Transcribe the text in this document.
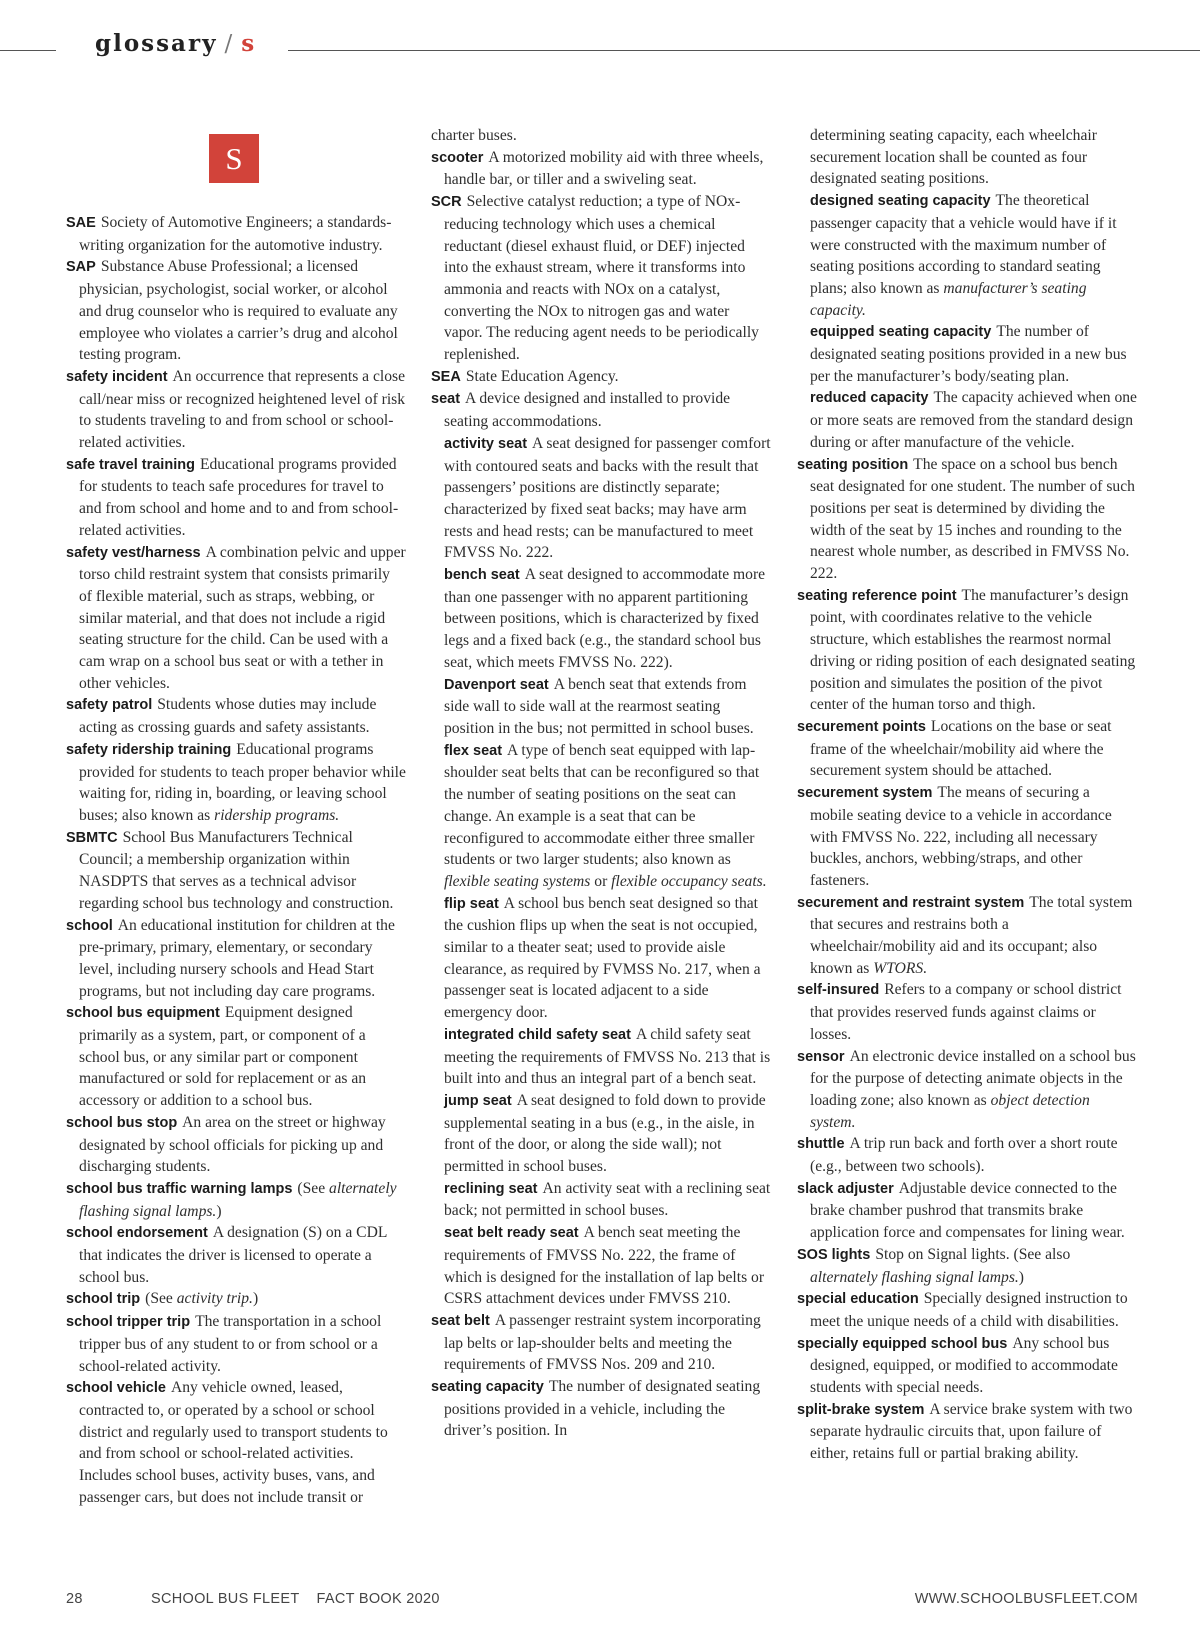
glossary / s
S
SAE Society of Automotive Engineers; a standards-writing organization for the automotive industry.
SAP Substance Abuse Professional; a licensed physician, psychologist, social worker, or alcohol and drug counselor who is required to evaluate any employee who violates a carrier’s drug and alcohol testing program.
safety incident An occurrence that represents a close call/near miss or recognized heightened level of risk to students traveling to and from school or school-related activities.
safe travel training Educational programs provided for students to teach safe procedures for travel to and from school and home and to and from school-related activities.
safety vest/harness A combination pelvic and upper torso child restraint system that consists primarily of flexible material, such as straps, webbing, or similar material, and that does not include a rigid seating structure for the child. Can be used with a cam wrap on a school bus seat or with a tether in other vehicles.
safety patrol Students whose duties may include acting as crossing guards and safety assistants.
safety ridership training Educational programs provided for students to teach proper behavior while waiting for, riding in, boarding, or leaving school buses; also known as ridership programs.
SBMTC School Bus Manufacturers Technical Council; a membership organization within NASDPTS that serves as a technical advisor regarding school bus technology and construction.
school An educational institution for children at the pre-primary, primary, elementary, or secondary level, including nursery schools and Head Start programs, but not including day care programs.
school bus equipment Equipment designed primarily as a system, part, or component of a school bus, or any similar part or component manufactured or sold for replacement or as an accessory or addition to a school bus.
school bus stop An area on the street or highway designated by school officials for picking up and discharging students.
school bus traffic warning lamps (See alternately flashing signal lamps.)
school endorsement A designation (S) on a CDL that indicates the driver is licensed to operate a school bus.
school trip (See activity trip.)
school tripper trip The transportation in a school tripper bus of any student to or from school or a school-related activity.
school vehicle Any vehicle owned, leased, contracted to, or operated by a school or school district and regularly used to transport students to and from school or school-related activities. Includes school buses, activity buses, vans, and passenger cars, but does not include transit or
charter buses.
scooter A motorized mobility aid with three wheels, handle bar, or tiller and a swiveling seat.
SCR Selective catalyst reduction; a type of NOx-reducing technology which uses a chemical reductant (diesel exhaust fluid, or DEF) injected into the exhaust stream, where it transforms into ammonia and reacts with NOx on a catalyst, converting the NOx to nitrogen gas and water vapor. The reducing agent needs to be periodically replenished.
SEA State Education Agency.
seat A device designed and installed to provide seating accommodations.
activity seat A seat designed for passenger comfort with contoured seats and backs with the result that passengers’ positions are distinctly separate; characterized by fixed seat backs; may have arm rests and head rests; can be manufactured to meet FMVSS No. 222.
bench seat A seat designed to accommodate more than one passenger with no apparent partitioning between positions, which is characterized by fixed legs and a fixed back (e.g., the standard school bus seat, which meets FMVSS No. 222).
Davenport seat A bench seat that extends from side wall to side wall at the rearmost seating position in the bus; not permitted in school buses.
flex seat A type of bench seat equipped with lap-shoulder seat belts that can be reconfigured so that the number of seating positions on the seat can change. An example is a seat that can be reconfigured to accommodate either three smaller students or two larger students; also known as flexible seating systems or flexible occupancy seats.
flip seat A school bus bench seat designed so that the cushion flips up when the seat is not occupied, similar to a theater seat; used to provide aisle clearance, as required by FVMSS No. 217, when a passenger seat is located adjacent to a side emergency door.
integrated child safety seat A child safety seat meeting the requirements of FMVSS No. 213 that is built into and thus an integral part of a bench seat.
jump seat A seat designed to fold down to provide supplemental seating in a bus (e.g., in the aisle, in front of the door, or along the side wall); not permitted in school buses.
reclining seat An activity seat with a reclining seat back; not permitted in school buses.
seat belt ready seat A bench seat meeting the requirements of FMVSS No. 222, the frame of which is designed for the installation of lap belts or CSRS attachment devices under FMVSS 210.
seat belt A passenger restraint system incorporating lap belts or lap-shoulder belts and meeting the requirements of FMVSS Nos. 209 and 210.
seating capacity The number of designated seating positions provided in a vehicle, including the driver’s position. In
determining seating capacity, each wheelchair securement location shall be counted as four designated seating positions.
designed seating capacity The theoretical passenger capacity that a vehicle would have if it were constructed with the maximum number of seating positions according to standard seating plans; also known as manufacturer’s seating capacity.
equipped seating capacity The number of designated seating positions provided in a new bus per the manufacturer’s body/seating plan.
reduced capacity The capacity achieved when one or more seats are removed from the standard design during or after manufacture of the vehicle.
seating position The space on a school bus bench seat designated for one student. The number of such positions per seat is determined by dividing the width of the seat by 15 inches and rounding to the nearest whole number, as described in FMVSS No. 222.
seating reference point The manufacturer’s design point, with coordinates relative to the vehicle structure, which establishes the rearmost normal driving or riding position of each designated seating position and simulates the position of the pivot center of the human torso and thigh.
securement points Locations on the base or seat frame of the wheelchair/mobility aid where the securement system should be attached.
securement system The means of securing a mobile seating device to a vehicle in accordance with FMVSS No. 222, including all necessary buckles, anchors, webbing/straps, and other fasteners.
securement and restraint system The total system that secures and restrains both a wheelchair/mobility aid and its occupant; also known as WTORS.
self-insured Refers to a company or school district that provides reserved funds against claims or losses.
sensor An electronic device installed on a school bus for the purpose of detecting animate objects in the loading zone; also known as object detection system.
shuttle A trip run back and forth over a short route (e.g., between two schools).
slack adjuster Adjustable device connected to the brake chamber pushrod that transmits brake application force and compensates for lining wear.
SOS lights Stop on Signal lights. (See also alternately flashing signal lamps.)
special education Specially designed instruction to meet the unique needs of a child with disabilities.
specially equipped school bus Any school bus designed, equipped, or modified to accommodate students with special needs.
split-brake system A service brake system with two separate hydraulic circuits that, upon failure of either, retains full or partial braking ability.
28	SCHOOL BUS FLEET    FACT BOOK 2020	WWW.SCHOOLBUSFLEET.COM
